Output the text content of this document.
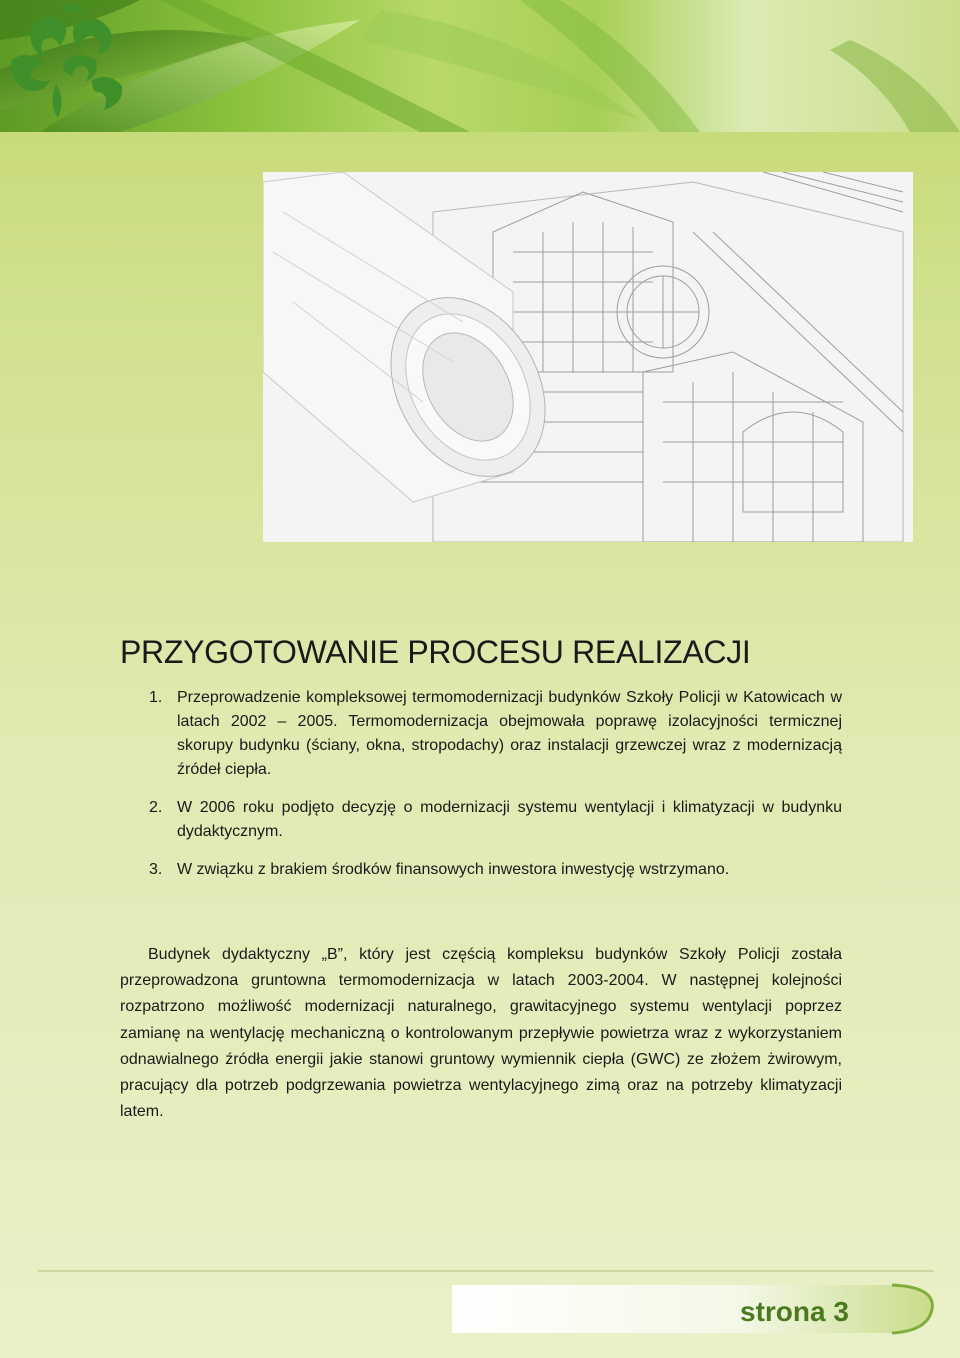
PRZYGOTOWANIE PROCESU REALIZACJI
1. Przeprowadzenie kompleksowej termomodernizacji budynków Szkoły Policji w Katowicach w latach 2002 – 2005. Termomodernizacja obejmowała poprawę izolacyjności termicznej skorupy budynku (ściany, okna, stropodachy) oraz instalacji grzewczej wraz z modernizacją źródeł ciepła.
2. W 2006 roku podjęto decyzję o modernizacji systemu wentylacji i klimatyzacji w budynku dydaktycznym.
3. W związku z brakiem środków finansowych inwestora inwestycję wstrzymano.

Budynek dydaktyczny „B”, który jest częścią kompleksu budynków Szkoły Policji została przeprowadzona gruntowna termomodernizacja w latach 2003-2004. W następnej kolejności rozpatrzono możliwość modernizacji naturalnego, grawitacyjnego systemu wentylacji poprzez zamianę na wentylację mechaniczną o kontrolowanym przepływie powietrza wraz z wykorzystaniem odnawialnego źródła energii jakie stanowi gruntowy wymiennik ciepła (GWC) ze złożem żwirowym, pracujący dla potrzeb podgrzewania powietrza wentylacyjnego zimą oraz na potrzeby klimatyzacji latem.

strona 3
